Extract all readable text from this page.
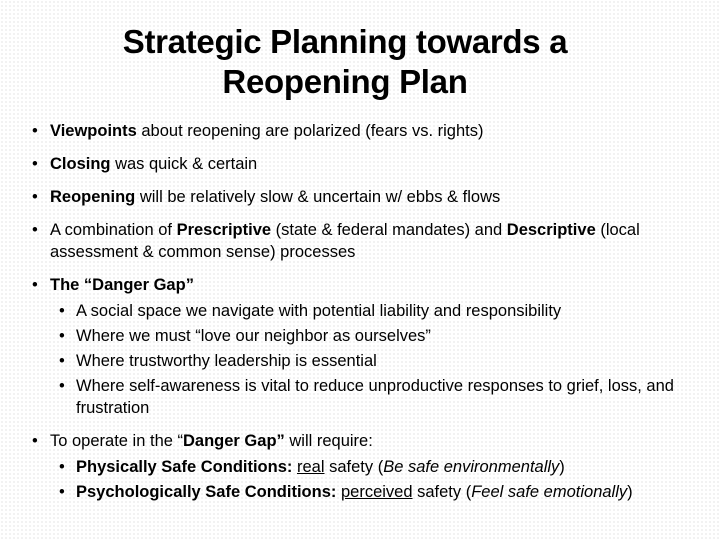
Strategic Planning towards a
Reopening Plan
• Viewpoints about reopening are polarized (fears vs. rights)
• Closing was quick & certain
• Reopening will be relatively slow & uncertain w/ ebbs & flows
• A combination of Prescriptive (state & federal mandates) and Descriptive (local assessment & common sense) processes
• The “Danger Gap”
• A social space we navigate with potential liability and responsibility
• Where we must “love our neighbor as ourselves”
• Where trustworthy leadership is essential
• Where self-awareness is vital to reduce unproductive responses to grief, loss, and frustration
• To operate in the “Danger Gap” will require:
• Physically Safe Conditions: real safety (Be safe environmentally)
• Psychologically Safe Conditions: perceived safety (Feel safe emotionally)
